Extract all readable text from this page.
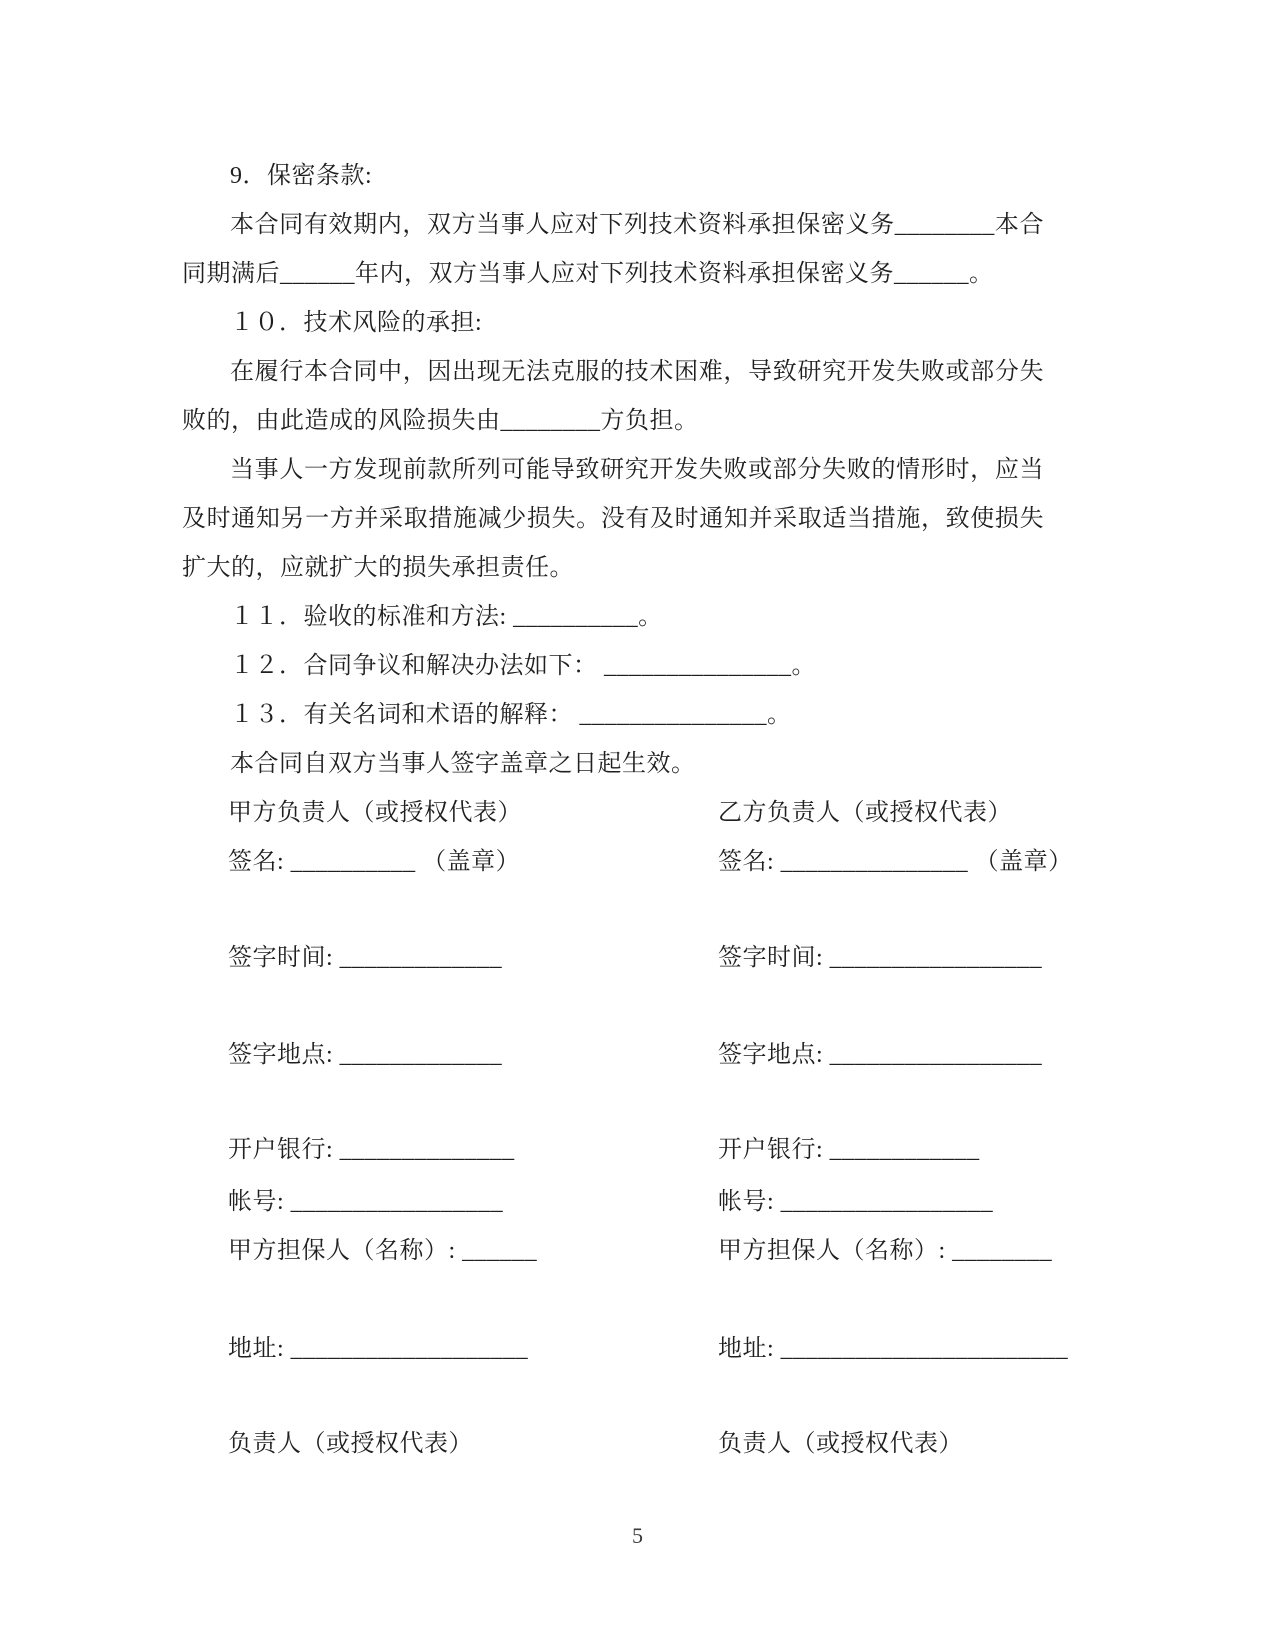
9．保密条款:
本合同有效期内，双方当事人应对下列技术资料承担保密义务________本合
同期满后______年内，双方当事人应对下列技术资料承担保密义务______。
１０．技术风险的承担:
在履行本合同中，因出现无法克服的技术困难，导致研究开发失败或部分失
败的，由此造成的风险损失由________方负担。
当事人一方发现前款所列可能导致研究开发失败或部分失败的情形时，应当
及时通知另一方并采取措施减少损失。没有及时通知并采取适当措施，致使损失
扩大的，应就扩大的损失承担责任。
１１．验收的标准和方法: __________。
１２．合同争议和解决办法如下： _______________。
１３．有关名词和术语的解释： _______________。
本合同自双方当事人签字盖章之日起生效。
甲方负责人（或授权代表）	乙方负责人（或授权代表）
签名: __________ （盖章）	签名: _______________ （盖章）
签字时间: _____________	签字时间: _________________
签字地点: _____________	签字地点: _________________
开户银行: ______________	开户银行: ____________
帐号: _________________	帐号: _________________
甲方担保人（名称）: ______	甲方担保人（名称）: ________
地址: ___________________	地址: _______________________
负责人（或授权代表）	负责人（或授权代表）
5
